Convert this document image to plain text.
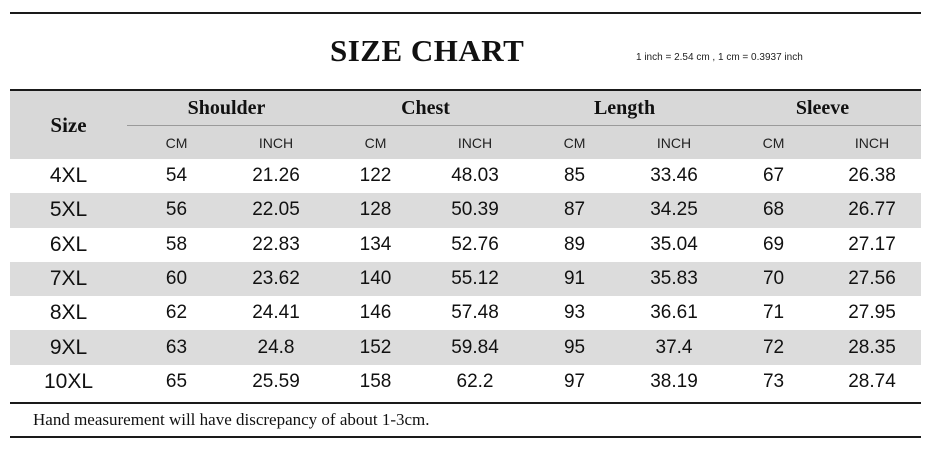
SIZE CHART	1 inch = 2.54 cm , 1 cm = 0.3937 inch
Size	Shoulder		Chest		Length		Sleeve	
	CM	INCH	CM	INCH	CM	INCH	CM	INCH
4XL	54	21.26	122	48.03	85	33.46	67	26.38
5XL	56	22.05	128	50.39	87	34.25	68	26.77
6XL	58	22.83	134	52.76	89	35.04	69	27.17
7XL	60	23.62	140	55.12	91	35.83	70	27.56
8XL	62	24.41	146	57.48	93	36.61	71	27.95
9XL	63	24.8	152	59.84	95	37.4	72	28.35
10XL	65	25.59	158	62.2	97	38.19	73	28.74
Hand measurement will have discrepancy of about 1-3cm.
